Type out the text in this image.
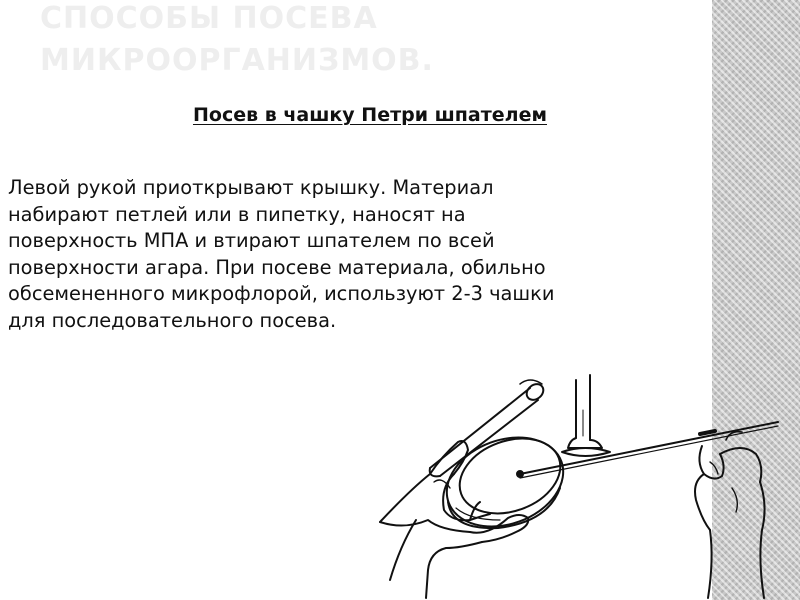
СПОСОБЫ ПОСЕВА
МИКРООРГАНИЗМОВ.
Посев в чашку Петри шпателем
Левой рукой приоткрывают крышку. Материал
набирают петлей или в пипетку, наносят на
поверхность МПА и втирают шпателем по всей
поверхности агара. При посеве материала, обильно
обсемененного микрофлорой, используют 2-3 чашки
для последовательного посева.
